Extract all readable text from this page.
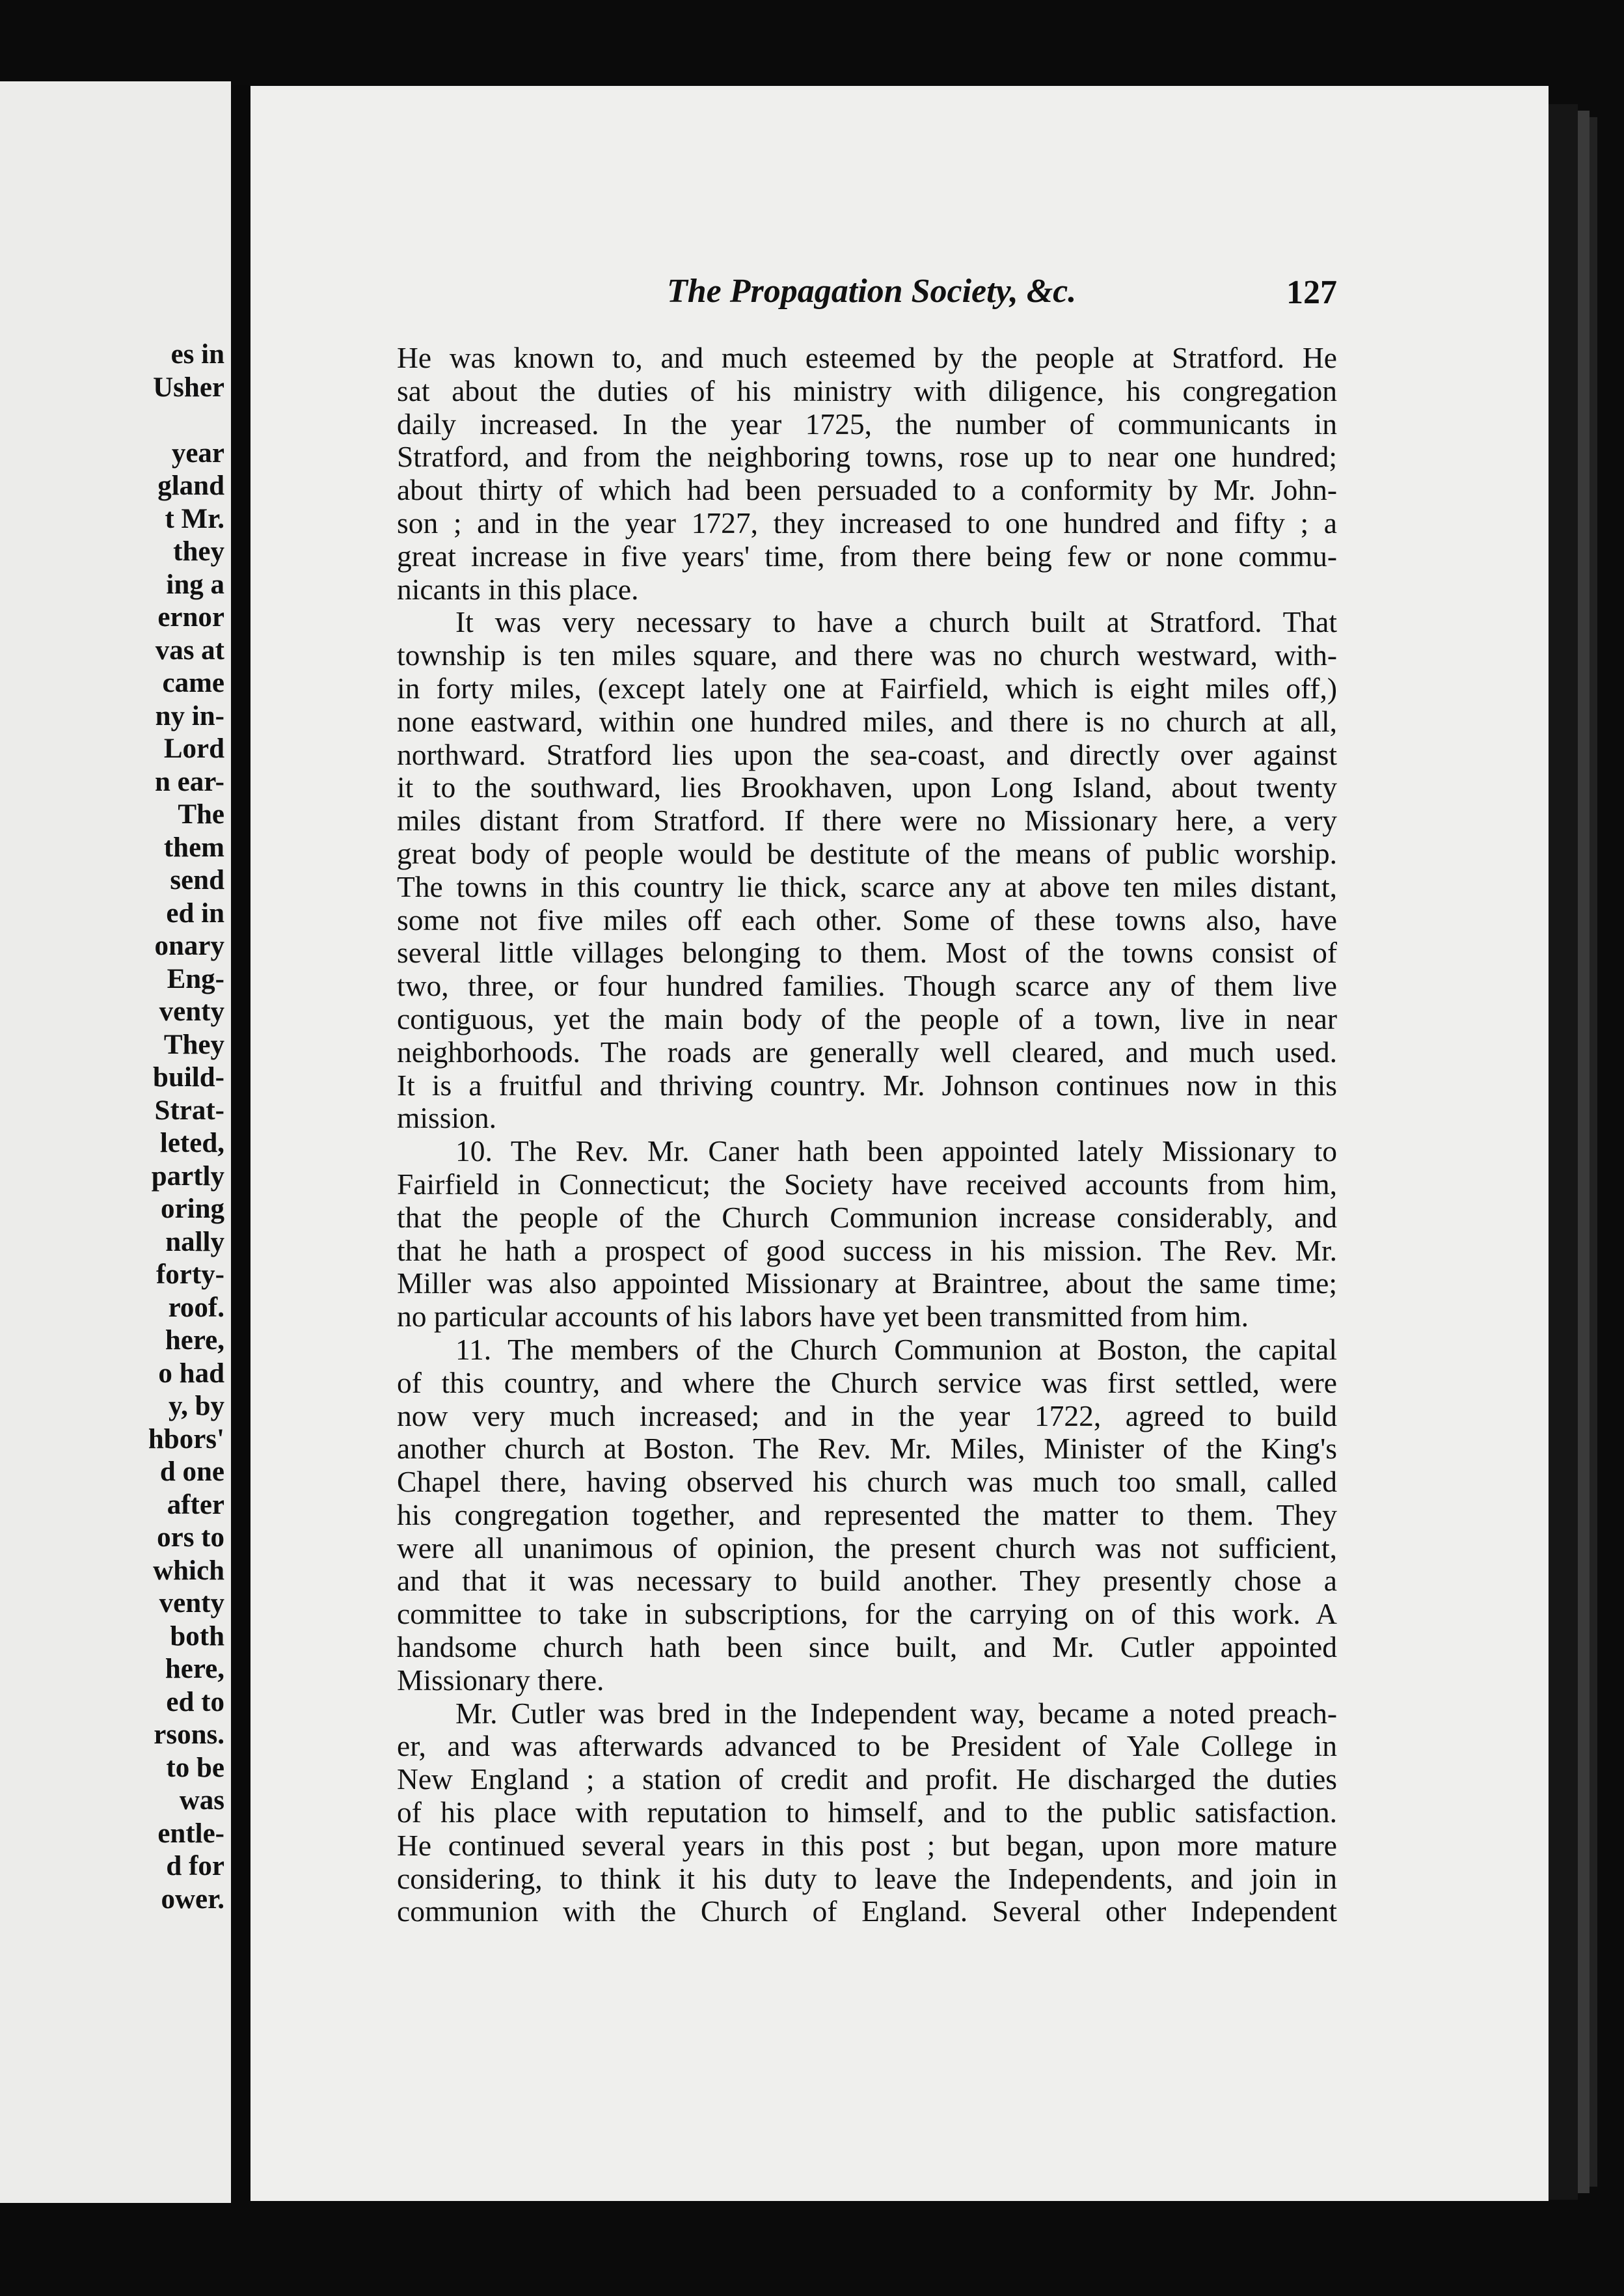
es in
Usher
year
gland
t Mr.
they
ing a
ernor
vas at
came
ny in-
Lord
n ear-
The
them
send
ed in
onary
Eng-
venty
They
build-
Strat-
leted,
partly
oring
nally
forty-
roof.
here,
o had
y, by
hbors'
d one
after
ors to
which
venty
both
here,
ed to
rsons.
to be
was
entle-
d for
ower.
The Propagation Society, &c.	127
He was known to, and much esteemed by the people at Stratford. He
sat about the duties of his ministry with diligence, his congregation
daily increased. In the year 1725, the number of communicants in
Stratford, and from the neighboring towns, rose up to near one hundred;
about thirty of which had been persuaded to a conformity by Mr. John-
son ; and in the year 1727, they increased to one hundred and fifty ; a
great increase in five years' time, from there being few or none commu-
nicants in this place.
It was very necessary to have a church built at Stratford. That
township is ten miles square, and there was no church westward, with-
in forty miles, (except lately one at Fairfield, which is eight miles off,)
none eastward, within one hundred miles, and there is no church at all,
northward. Stratford lies upon the sea-coast, and directly over against
it to the southward, lies Brookhaven, upon Long Island, about twenty
miles distant from Stratford. If there were no Missionary here, a very
great body of people would be destitute of the means of public worship.
The towns in this country lie thick, scarce any at above ten miles distant,
some not five miles off each other. Some of these towns also, have
several little villages belonging to them. Most of the towns consist of
two, three, or four hundred families. Though scarce any of them live
contiguous, yet the main body of the people of a town, live in near
neighborhoods. The roads are generally well cleared, and much used.
It is a fruitful and thriving country. Mr. Johnson continues now in this
mission.
10. The Rev. Mr. Caner hath been appointed lately Missionary to
Fairfield in Connecticut; the Society have received accounts from him,
that the people of the Church Communion increase considerably, and
that he hath a prospect of good success in his mission. The Rev. Mr.
Miller was also appointed Missionary at Braintree, about the same time;
no particular accounts of his labors have yet been transmitted from him.
11. The members of the Church Communion at Boston, the capital
of this country, and where the Church service was first settled, were
now very much increased; and in the year 1722, agreed to build
another church at Boston. The Rev. Mr. Miles, Minister of the King's
Chapel there, having observed his church was much too small, called
his congregation together, and represented the matter to them. They
were all unanimous of opinion, the present church was not sufficient,
and that it was necessary to build another. They presently chose a
committee to take in subscriptions, for the carrying on of this work. A
handsome church hath been since built, and Mr. Cutler appointed
Missionary there.
Mr. Cutler was bred in the Independent way, became a noted preach-
er, and was afterwards advanced to be President of Yale College in
New England ; a station of credit and profit. He discharged the duties
of his place with reputation to himself, and to the public satisfaction.
He continued several years in this post ; but began, upon more mature
considering, to think it his duty to leave the Independents, and join in
communion with the Church of England. Several other Independent
